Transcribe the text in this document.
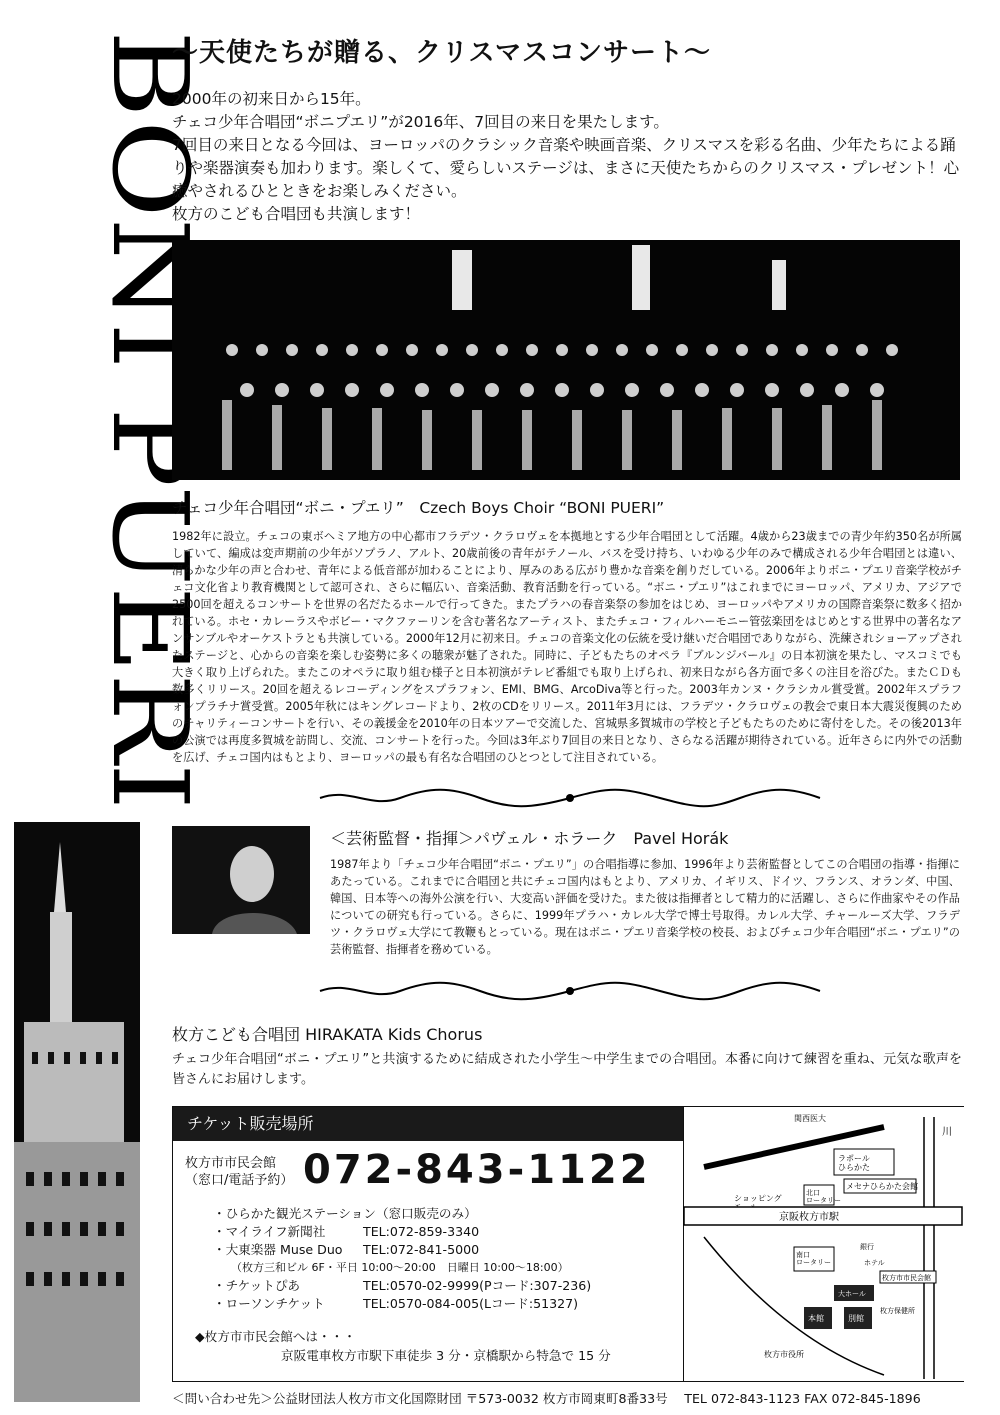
BONI PUERI
〜天使たちが贈る、クリスマスコンサート〜

2000年の初来日から15年。

チェコ少年合唱団“ボニプエリ”が2016年、7回目の来日を果たします。

7回目の来日となる今回は、ヨーロッパのクラシック音楽や映画音楽、クリスマスを彩る名曲、少年たちによる踊りや楽器演奏も加わります。楽しくて、愛らしいステージは、まさに天使たちからのクリスマス・プレゼント！心癒やされるひとときをお楽しみください。

枚方のこども合唱団も共演します！

チェコ少年合唱団“ボニ・プエリ”　Czech Boys Choir “BONI PUERI”
1982年に設立。チェコの東ボヘミア地方の中心都市フラデツ・クラロヴェを本拠地とする少年合唱団として活躍。4歳から23歳までの青少年約350名が所属していて、編成は変声期前の少年がソプラノ、アルト、20歳前後の青年がテノール、バスを受け持ち、いわゆる少年のみで構成される少年合唱団とは違い、清らかな少年の声と合わせ、青年による低音部が加わることにより、厚みのある広がり豊かな音楽を創りだしている。2006年よりボニ・プエリ音楽学校がチェコ文化省より教育機関として認可され、さらに幅広い、音楽活動、教育活動を行っている。“ボニ・プエリ”はこれまでにヨーロッパ、アメリカ、アジアで2500回を超えるコンサートを世界の名だたるホールで行ってきた。またプラハの春音楽祭の参加をはじめ、ヨーロッパやアメリカの国際音楽祭に数多く招かれている。ホセ・カレーラスやボビー・マクファーリンを含む著名なアーティスト、またチェコ・フィルハーモニー管弦楽団をはじめとする世界中の著名なアンサンブルやオーケストラとも共演している。2000年12月に初来日。チェコの音楽文化の伝統を受け継いだ合唱団でありながら、洗練されショーアップされたステージと、心からの音楽を楽しむ姿勢に多くの聴衆が魅了された。同時に、子どもたちのオペラ『ブルンジバール』の日本初演を果たし、マスコミでも大きく取り上げられた。またこのオペラに取り組む様子と日本初演がテレビ番組でも取り上げられ、初来日ながら各方面で多くの注目を浴びた。またＣＤも数多くリリース。20回を超えるレコーディングをスプラフォン、EMI、BMG、ArcoDiva等と行った。2003年カンヌ・クラシカル賞受賞。2002年スプラフォンプラチナ賞受賞。2005年秋にはキングレコードより、2枚のCDをリリース。2011年3月には、フラデツ・クラロヴェの教会で東日本大震災復興のためのチャリティーコンサートを行い、その義援金を2010年の日本ツアーで交流した、宮城県多賀城市の学校と子どもたちのために寄付をした。その後2013年の公演では再度多賀城を訪問し、交流、コンサートを行った。今回は3年ぶり7回目の来日となり、さらなる活躍が期待されている。近年さらに内外での活動を広げ、チェコ国内はもとより、ヨーロッパの最も有名な合唱団のひとつとして注目されている。
＜芸術監督・指揮＞パヴェル・ホラーク　Pavel Horák
1987年より「チェコ少年合唱団“ボニ・プエリ”」の合唱指導に参加、1996年より芸術監督としてこの合唱団の指導・指揮にあたっている。これまでに合唱団と共にチェコ国内はもとより、アメリカ、イギリス、ドイツ、フランス、オランダ、中国、韓国、日本等への海外公演を行い、大変高い評価を受けた。また彼は指揮者として精力的に活躍し、さらに作曲家やその作品についての研究も行っている。さらに、1999年プラハ・カレル大学で博士号取得。カレル大学、チャールーズ大学、フラデツ・クラロヴェ大学にて教鞭もとっている。現在はボニ・プエリ音楽学校の校長、およびチェコ少年合唱団“ボニ・プエリ”の芸術監督、指揮者を務めている。
枚方こども合唱団 HIRAKATA Kids Chorus
チェコ少年合唱団“ボニ・プエリ”と共演するために結成された小学生〜中学生までの合唱団。本番に向けて練習を重ね、元気な歌声を皆さんにお届けします。
チケット販売場所
枚方市市民会館
（窓口/電話予約） 072-843-1122
・ひらかた観光ステーション（窓口販売のみ）
・マイライフ新聞社	TEL:072-859-3340
・大東楽器 Muse Duo	TEL:072-841-5000
（枚方三和ビル 6F・平日 10:00〜20:00　日曜日 10:00〜18:00）
・チケットぴあ	TEL:0570-02-9999(Pコード:307-236)
・ローソンチケット	TEL:0570-084-005(Lコード:51327)
◆枚方市市民会館へは・・・
京阪電車枚方市駅下車徒歩 3 分・京橋駅から特急で 15 分
川
関西医大
ラポールひらかた
メセナひらかた会館
北口ロータリー
ショッピング
京阪枚方市駅
南口ロータリー
銀行
ホテル
枚方市市民会館
大ホール
本館	別館
枚方保健所
枚方市役所
＜問い合わせ先＞公益財団法人枚方市文化国際財団 〒573-0032 枚方市岡東町8番33号　 TEL 072-843-1123 FAX 072-845-1896
